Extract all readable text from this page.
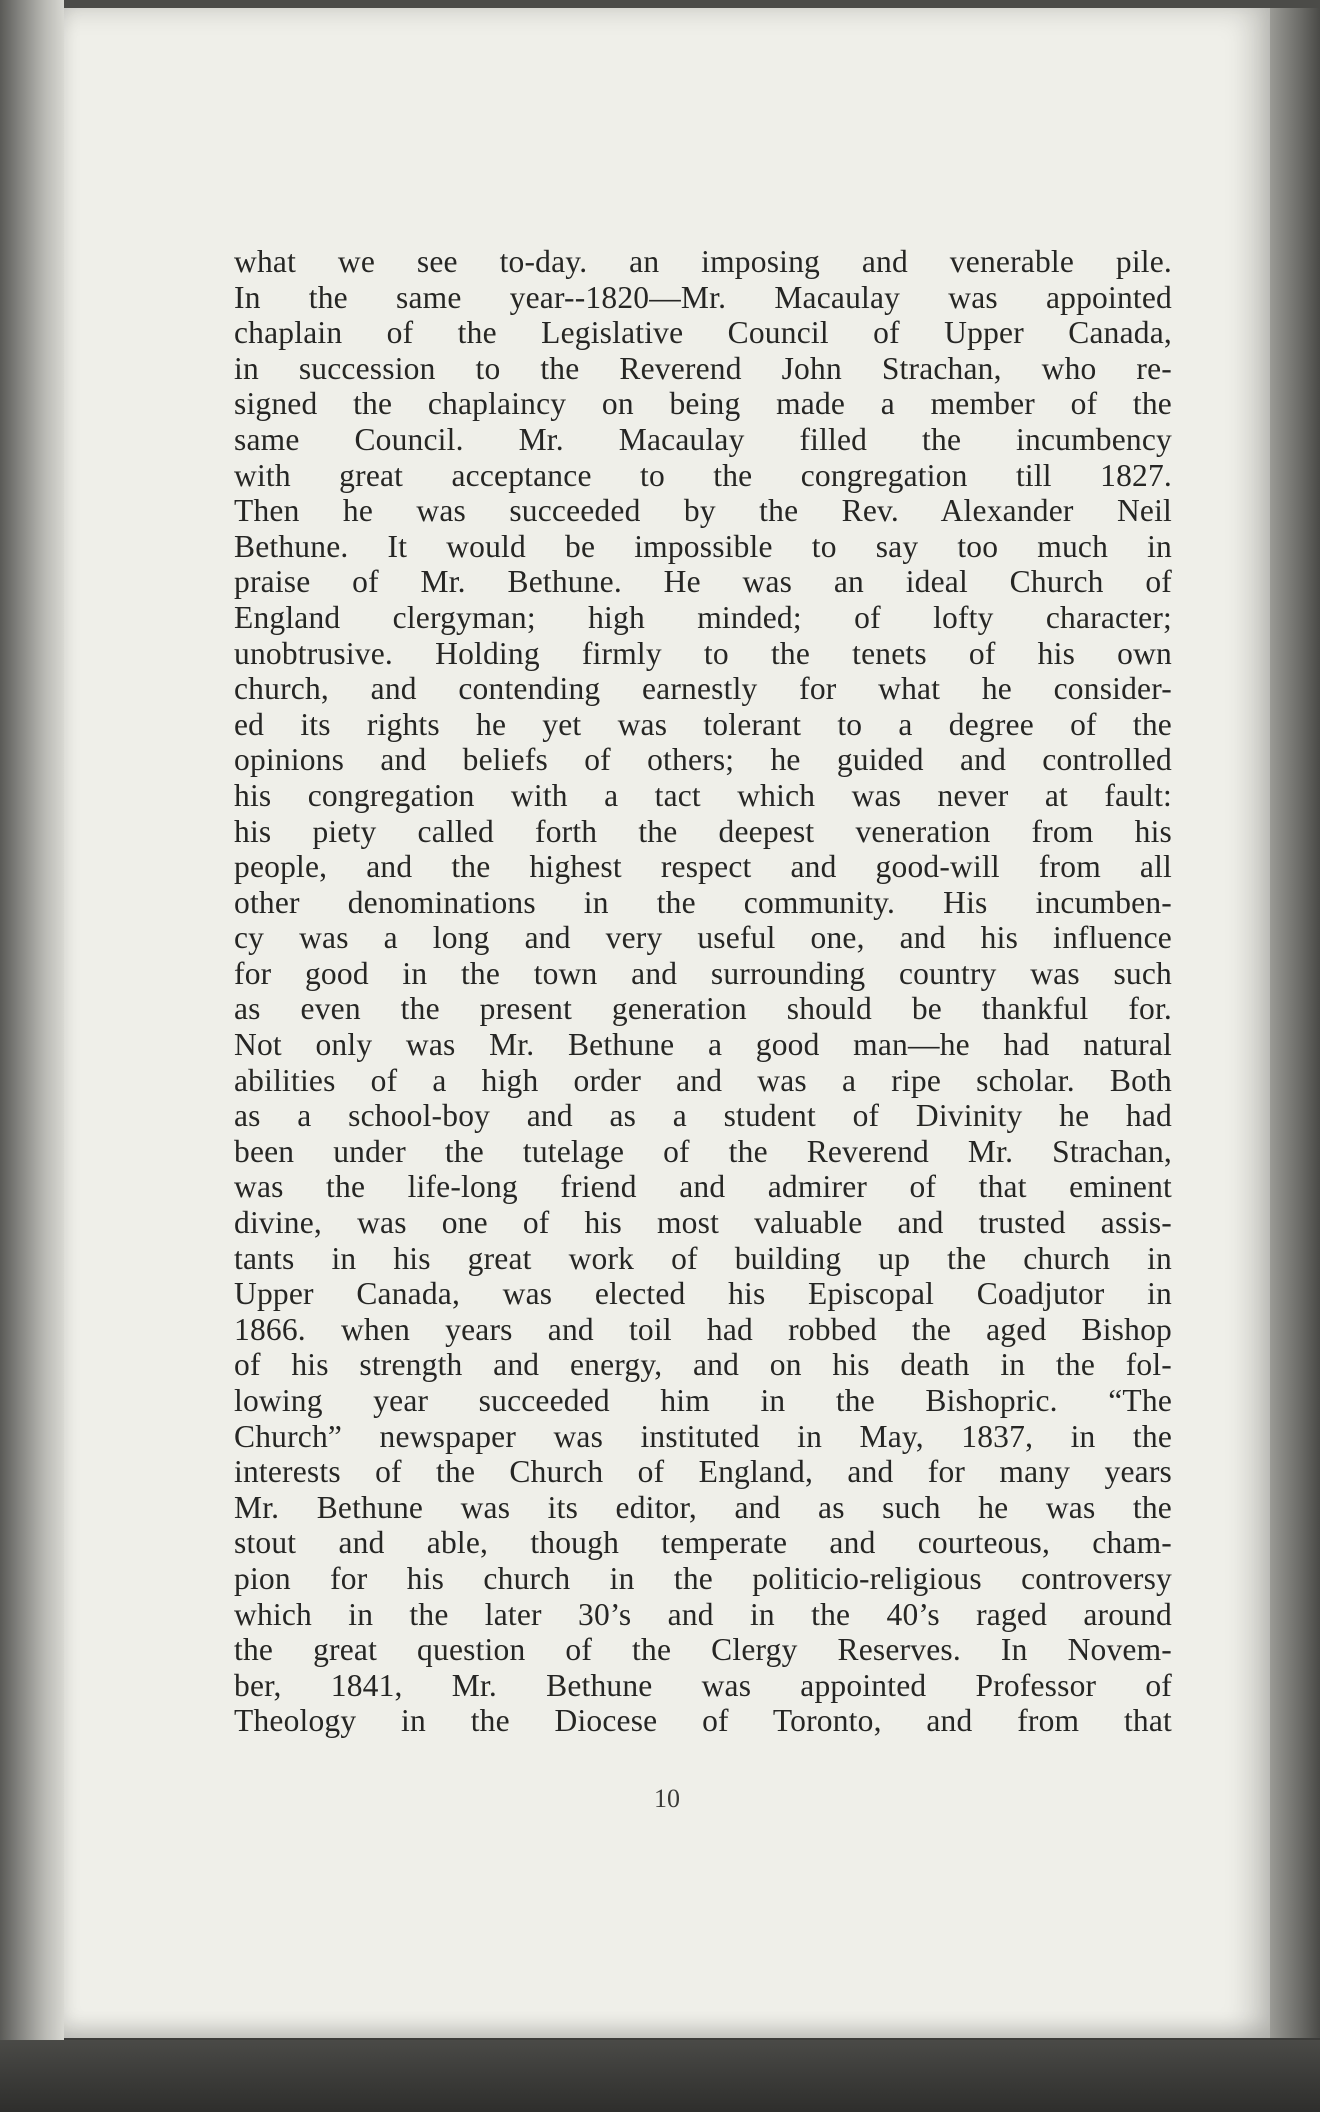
what we see to-day. an imposing and venerable pile.
In the same year--1820—Mr. Macaulay was appointed
chaplain of the Legislative Council of Upper Canada,
in succession to the Reverend John Strachan, who re-
signed the chaplaincy on being made a member of the
same Council. Mr. Macaulay filled the incumbency
with great acceptance to the congregation till 1827.
Then he was succeeded by the Rev. Alexander Neil
Bethune. It would be impossible to say too much in
praise of Mr. Bethune. He was an ideal Church of
England clergyman; high minded; of lofty character;
unobtrusive. Holding firmly to the tenets of his own
church, and contending earnestly for what he consider-
ed its rights he yet was tolerant to a degree of the
opinions and beliefs of others; he guided and controlled
his congregation with a tact which was never at fault:
his piety called forth the deepest veneration from his
people, and the highest respect and good-will from all
other denominations in the community. His incumben-
cy was a long and very useful one, and his influence
for good in the town and surrounding country was such
as even the present generation should be thankful for.
Not only was Mr. Bethune a good man—he had natural
abilities of a high order and was a ripe scholar. Both
as a school-boy and as a student of Divinity he had
been under the tutelage of the Reverend Mr. Strachan,
was the life-long friend and admirer of that eminent
divine, was one of his most valuable and trusted assis-
tants in his great work of building up the church in
Upper Canada, was elected his Episcopal Coadjutor in
1866. when years and toil had robbed the aged Bishop
of his strength and energy, and on his death in the fol-
lowing year succeeded him in the Bishopric. “The
Church” newspaper was instituted in May, 1837, in the
interests of the Church of England, and for many years
Mr. Bethune was its editor, and as such he was the
stout and able, though temperate and courteous, cham-
pion for his church in the politicio-religious controversy
which in the later 30’s and in the 40’s raged around
the great question of the Clergy Reserves. In Novem-
ber, 1841, Mr. Bethune was appointed Professor of
Theology in the Diocese of Toronto, and from that
10
